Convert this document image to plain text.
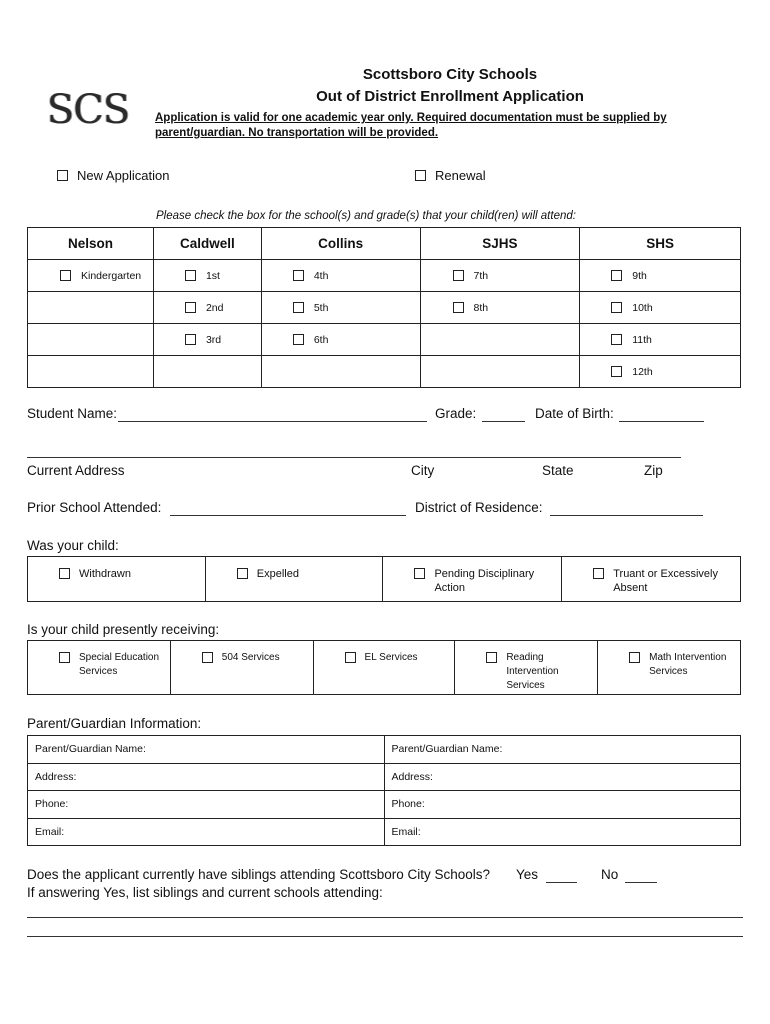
SCS
Scottsboro City Schools
Out of District Enrollment Application
Application is valid for one academic year only. Required documentation must be supplied by
parent/guardian. No transportation will be provided.
New Application	Renewal
Please check the box for the school(s) and grade(s) that your child(ren) will attend:
Nelson	Caldwell	Collins	SJHS	SHS

Kindergarten	1st	4th	7th	9th

	2nd	5th	8th	10th

	3rd	6th		11th

				12th
Student Name:	Grade:	Date of Birth:
Current Address	City	State	Zip
Prior School Attended:	District of Residence:
Was your child:
Withdrawn	Expelled	Pending Disciplinary
Action

Truant or Excessively
Absent
Is your child presently receiving:
Special Education
Services

504 Services	EL Services	Reading
Intervention
Services

Math Intervention
Services
Parent/Guardian Information:
Parent/Guardian Name:	Parent/Guardian Name:
Address:	Address:
Phone:	Phone:
Email:	Email:
Does the applicant currently have siblings attending Scottsboro City Schools? Yes	No
If answering Yes, list siblings and current schools attending:
